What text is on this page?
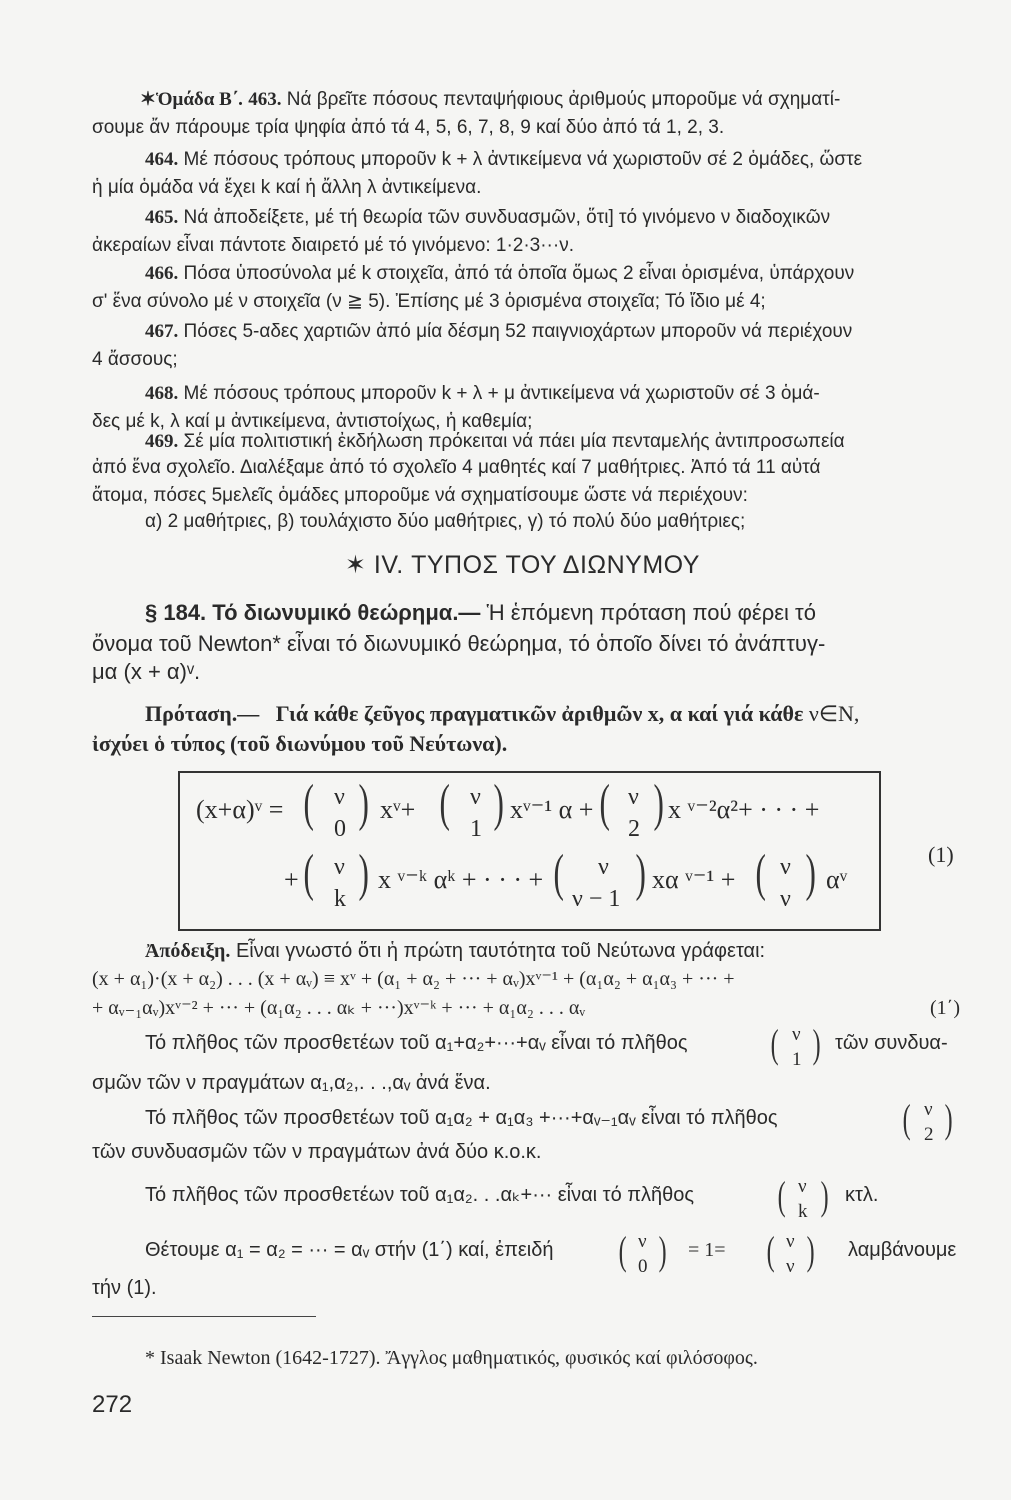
✶Ὁμάδα Β΄. 463. Νά βρεῖτε πόσους πενταψήφιους ἀριθμούς μποροῦμε νά σχηματί-
σουμε ἄν πάρουμε τρία ψηφία ἀπό τά 4, 5, 6, 7, 8, 9 καί δύο ἀπό τά 1, 2, 3.
464. Μέ πόσους τρόπους μποροῦν k + λ ἀντικείμενα νά χωριστοῦν σέ 2 ὁμάδες, ὥστε
ἡ μία ὁμάδα νά ἔχει k καί ἡ ἄλλη λ ἀντικείμενα.
465. Νά ἀποδείξετε, μέ τή θεωρία τῶν συνδυασμῶν, ὅτι] τό γινόμενο ν διαδοχικῶν
ἀκεραίων εἶναι πάντοτε διαιρετό μέ τό γινόμενο: 1·2·3···ν.
466. Πόσα ὑποσύνολα μέ k στοιχεῖα, ἀπό τά ὁποῖα ὅμως 2 εἶναι ὁρισμένα, ὑπάρχουν
σ' ἕνα σύνολο μέ ν στοιχεῖα (ν ≧ 5). Ἐπίσης μέ 3 ὁρισμένα στοιχεῖα; Τό ἴδιο μέ 4;
467. Πόσες 5-αδες χαρτιῶν ἀπό μία δέσμη 52 παιγνιοχάρτων μποροῦν νά περιέχουν
4 ἄσσους;
468. Μέ πόσους τρόπους μποροῦν k + λ + μ ἀντικείμενα νά χωριστοῦν σέ 3 ὁμά-
δες μέ k, λ καί μ ἀντικείμενα, ἀντιστοίχως, ἡ καθεμία;
469. Σέ μία πολιτιστική ἐκδήλωση πρόκειται νά πάει μία πενταμελής ἀντιπροσωπεία
ἀπό ἕνα σχολεῖο. Διαλέξαμε ἀπό τό σχολεῖο 4 μαθητές καί 7 μαθήτριες. Ἀπό τά 11 αὐτά
ἄτομα, πόσες 5μελεῖς ὁμάδες μποροῦμε νά σχηματίσουμε ὥστε νά περιέχουν:
α) 2 μαθήτριες, β) τουλάχιστο δύο μαθήτριες, γ) τό πολύ δύο μαθήτριες;
✶ IV. ΤΥΠΟΣ ΤΟΥ ΔΙΩΝΥΜΟΥ
§ 184. Τό διωνυμικό θεώρημα.— Ἡ ἑπόμενη πρόταση πού φέρει τό
ὄνομα τοῦ Newton* εἶναι τό διωνυμικό θεώρημα, τό ὁποῖο δίνει τό ἀνάπτυγ-
μα (x + α)ᵛ.
Πρόταση.— Γιά κάθε ζεῦγος πραγματικῶν ἀριθμῶν x, α καί γιά κάθε ν∈N,
ἰσχύει ὁ τύπος (τοῦ διωνύμου τοῦ Νεύτωνα).
(x+α)ᵛ = ( ν
0 ) xᵛ+ ( ν
1 ) xᵛ⁻¹ α + ( ν
2 ) x ᵛ⁻²α²+ · · · +
+ ( ν
k ) x ᵛ⁻ᵏ αᵏ + · · · + ( ν
ν − 1 ) xα ᵛ⁻¹ + ( ν
ν ) αᵛ
(1)
Ἀπόδειξη. Εἶναι γνωστό ὅτι ἡ πρώτη ταυτότητα τοῦ Νεύτωνα γράφεται:
(x + α₁)·(x + α₂) . . . (x + αᵥ) ≡ xᵛ + (α₁ + α₂ + ··· + αᵥ)xᵛ⁻¹ + (α₁α₂ + α₁α₃ + ··· +
+ αᵥ₋₁αᵥ)xᵛ⁻² + ··· + (α₁α₂ . . . αₖ + ···)xᵛ⁻ᵏ + ··· + α₁α₂ . . . αᵥ	(1΄)
Τό πλῆθος τῶν προσθετέων τοῦ α₁+α₂+···+αᵥ εἶναι τό πλῆθος ( ν
1 ) τῶν συνδυα-
σμῶν τῶν ν πραγμάτων α₁,α₂,. . .,αᵥ ἀνά ἕνα.
Τό πλῆθος τῶν προσθετέων τοῦ α₁α₂ + α₁α₃ +···+αᵥ₋₁αᵥ εἶναι τό πλῆθος	( ν
2 )
τῶν συνδυασμῶν τῶν ν πραγμάτων ἀνά δύο κ.ο.κ.
Τό πλῆθος τῶν προσθετέων τοῦ α₁α₂. . .αₖ+··· εἶναι τό πλῆθος ( ν
k ) κτλ.
Θέτουμε α₁ = α₂ = ··· = αᵥ στήν (1΄) καί, ἐπειδή ( ν
0 ) = 1= ( ν
ν ) λαμβάνουμε
τήν (1).
* Isaak Newton (1642-1727). Ἄγγλος μαθηματικός, φυσικός καί φιλόσοφος.
272
